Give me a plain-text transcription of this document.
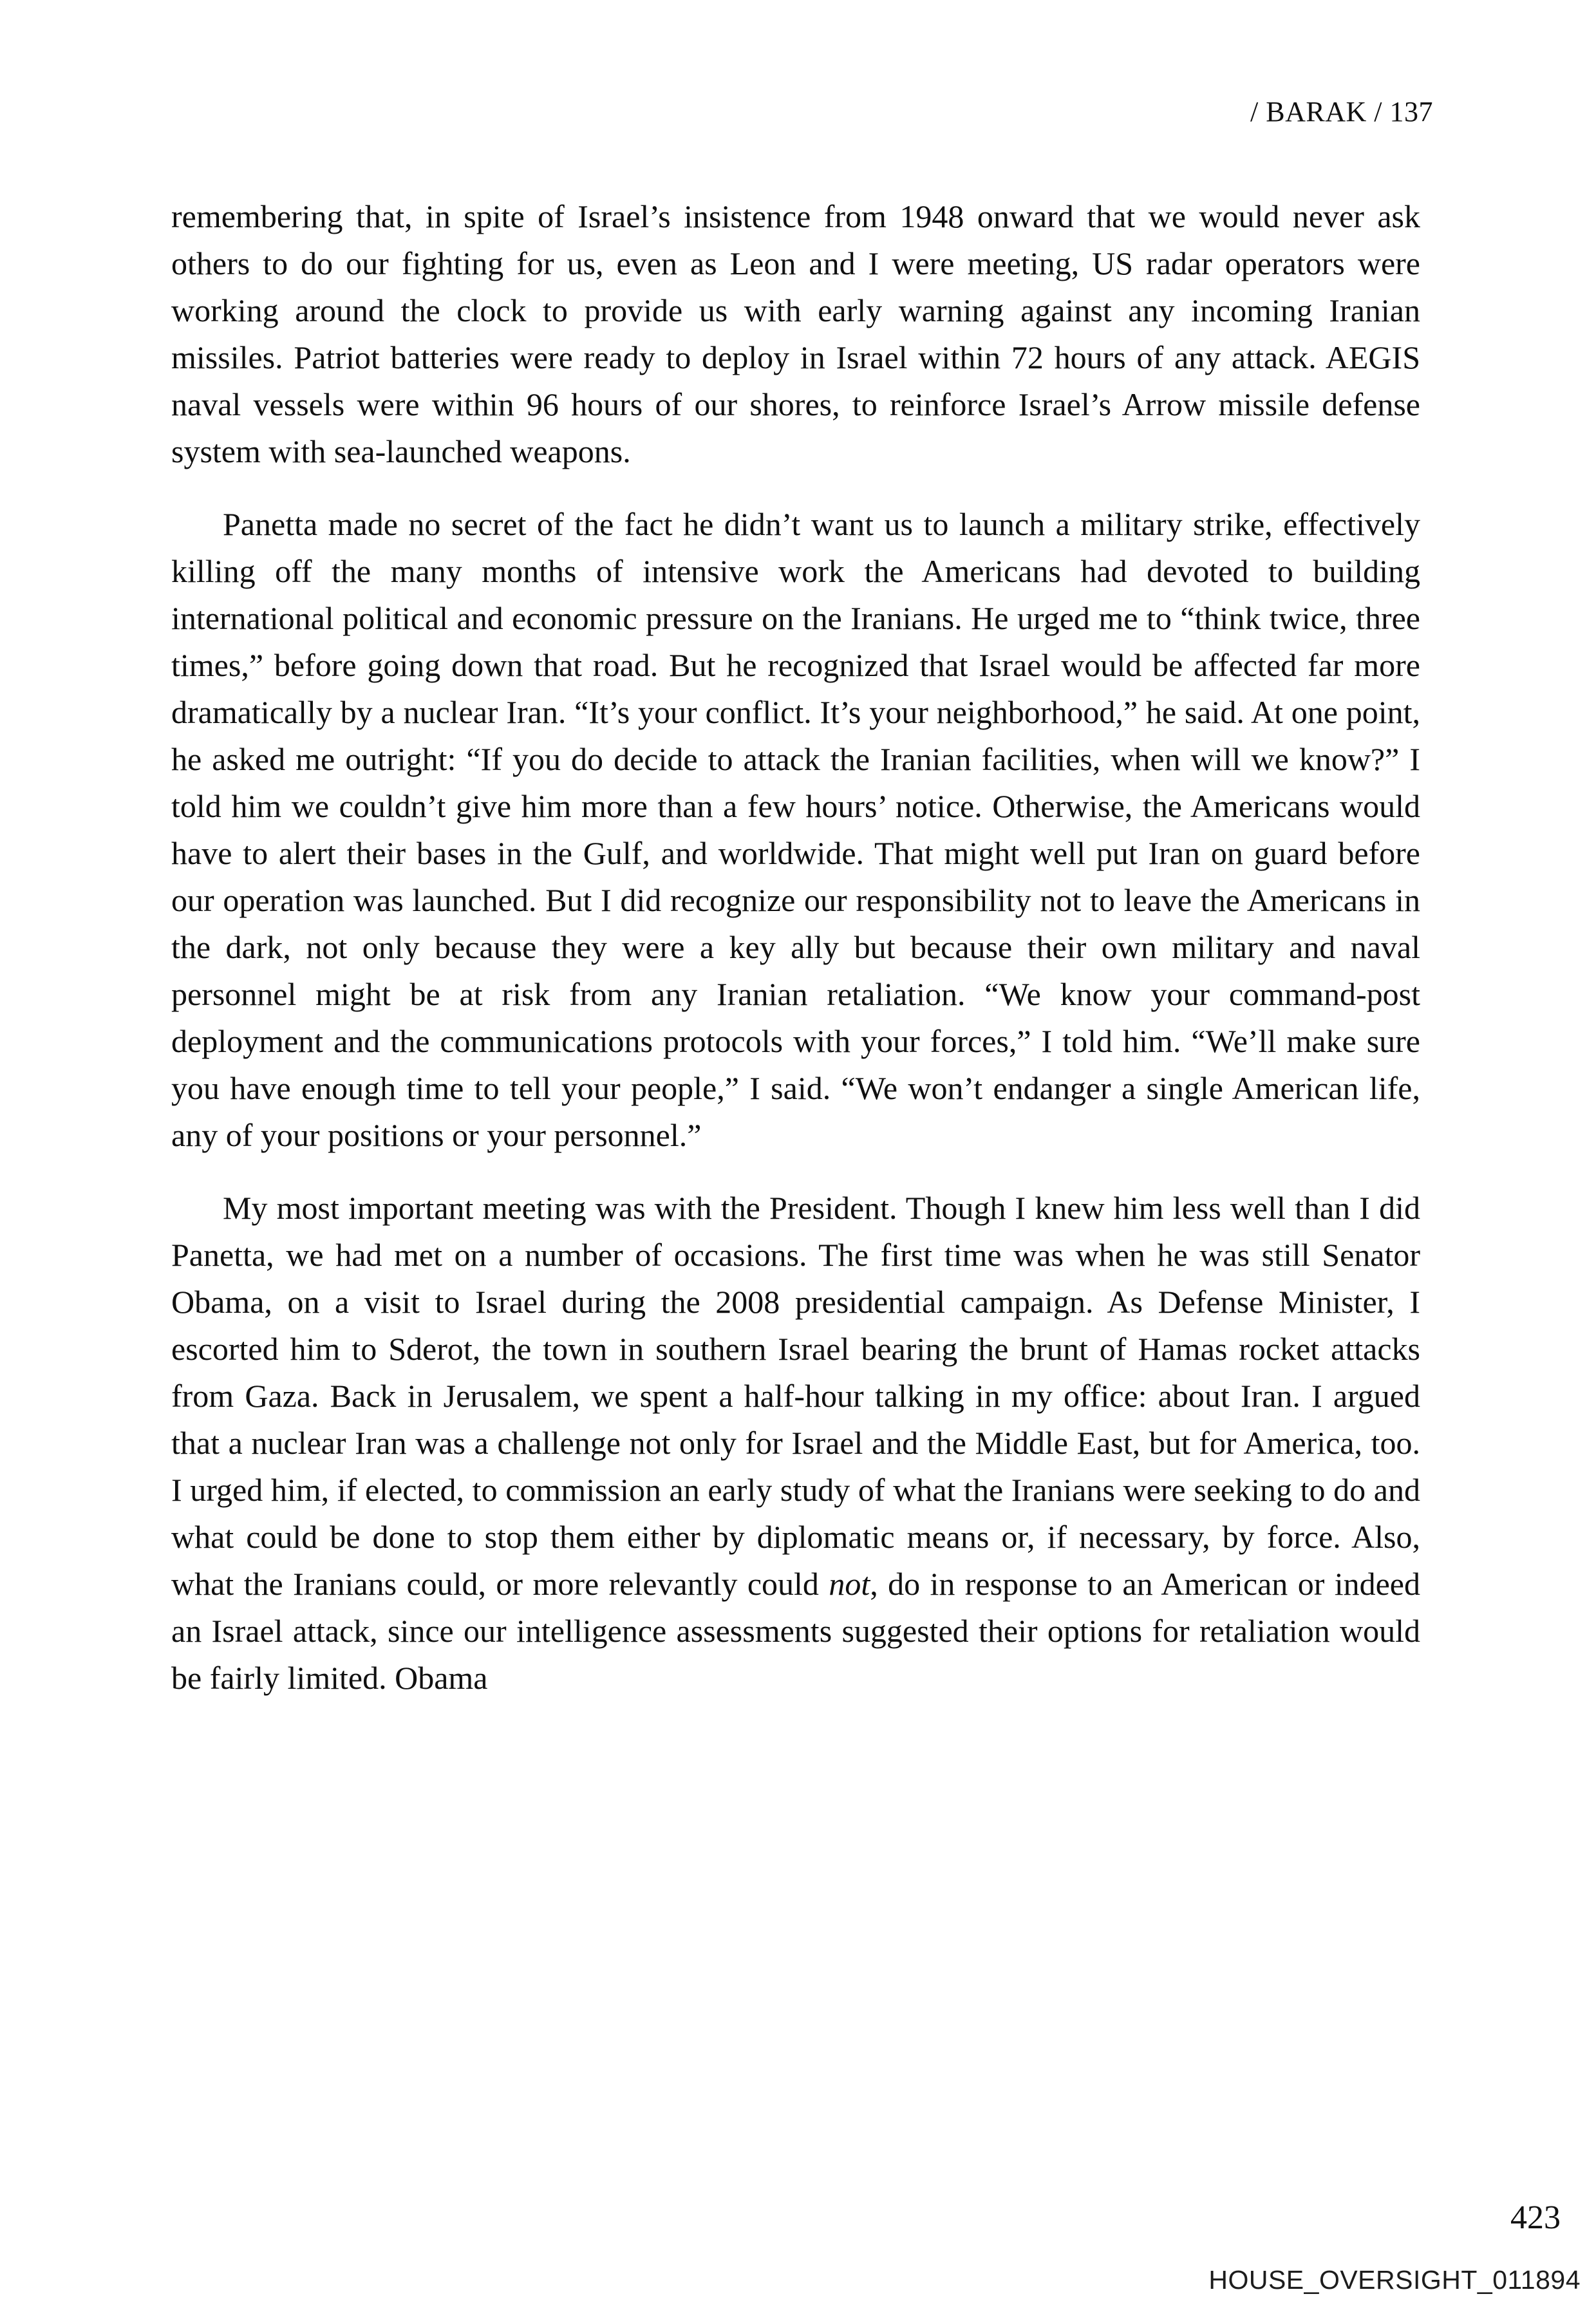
/ BARAK / 137

remembering that, in spite of Israel’s insistence from 1948 onward that we would never ask others to do our fighting for us, even as Leon and I were meeting, US radar operators were working around the clock to provide us with early warning against any incoming Iranian missiles. Patriot batteries were ready to deploy in Israel within 72 hours of any attack. AEGIS naval vessels were within 96 hours of our shores, to reinforce Israel’s Arrow missile defense system with sea-launched weapons.

Panetta made no secret of the fact he didn’t want us to launch a military strike, effectively killing off the many months of intensive work the Americans had devoted to building international political and economic pressure on the Iranians. He urged me to “think twice, three times,” before going down that road. But he recognized that Israel would be affected far more dramatically by a nuclear Iran. “It’s your conflict. It’s your neighborhood,” he said. At one point, he asked me outright: “If you do decide to attack the Iranian facilities, when will we know?” I told him we couldn’t give him more than a few hours’ notice. Otherwise, the Americans would have to alert their bases in the Gulf, and worldwide. That might well put Iran on guard before our operation was launched. But I did recognize our responsibility not to leave the Americans in the dark, not only because they were a key ally but because their own military and naval personnel might be at risk from any Iranian retaliation. “We know your command-post deployment and the communications protocols with your forces,” I told him. “We’ll make sure you have enough time to tell your people,” I said. “We won’t endanger a single American life, any of your positions or your personnel.”

My most important meeting was with the President. Though I knew him less well than I did Panetta, we had met on a number of occasions. The first time was when he was still Senator Obama, on a visit to Israel during the 2008 presidential campaign. As Defense Minister, I escorted him to Sderot, the town in southern Israel bearing the brunt of Hamas rocket attacks from Gaza. Back in Jerusalem, we spent a half-hour talking in my office: about Iran. I argued that a nuclear Iran was a challenge not only for Israel and the Middle East, but for America, too. I urged him, if elected, to commission an early study of what the Iranians were seeking to do and what could be done to stop them either by diplomatic means or, if necessary, by force. Also, what the Iranians could, or more relevantly could not, do in response to an American or indeed an Israel attack, since our intelligence assessments suggested their options for retaliation would be fairly limited. Obama

423
HOUSE_OVERSIGHT_011894
